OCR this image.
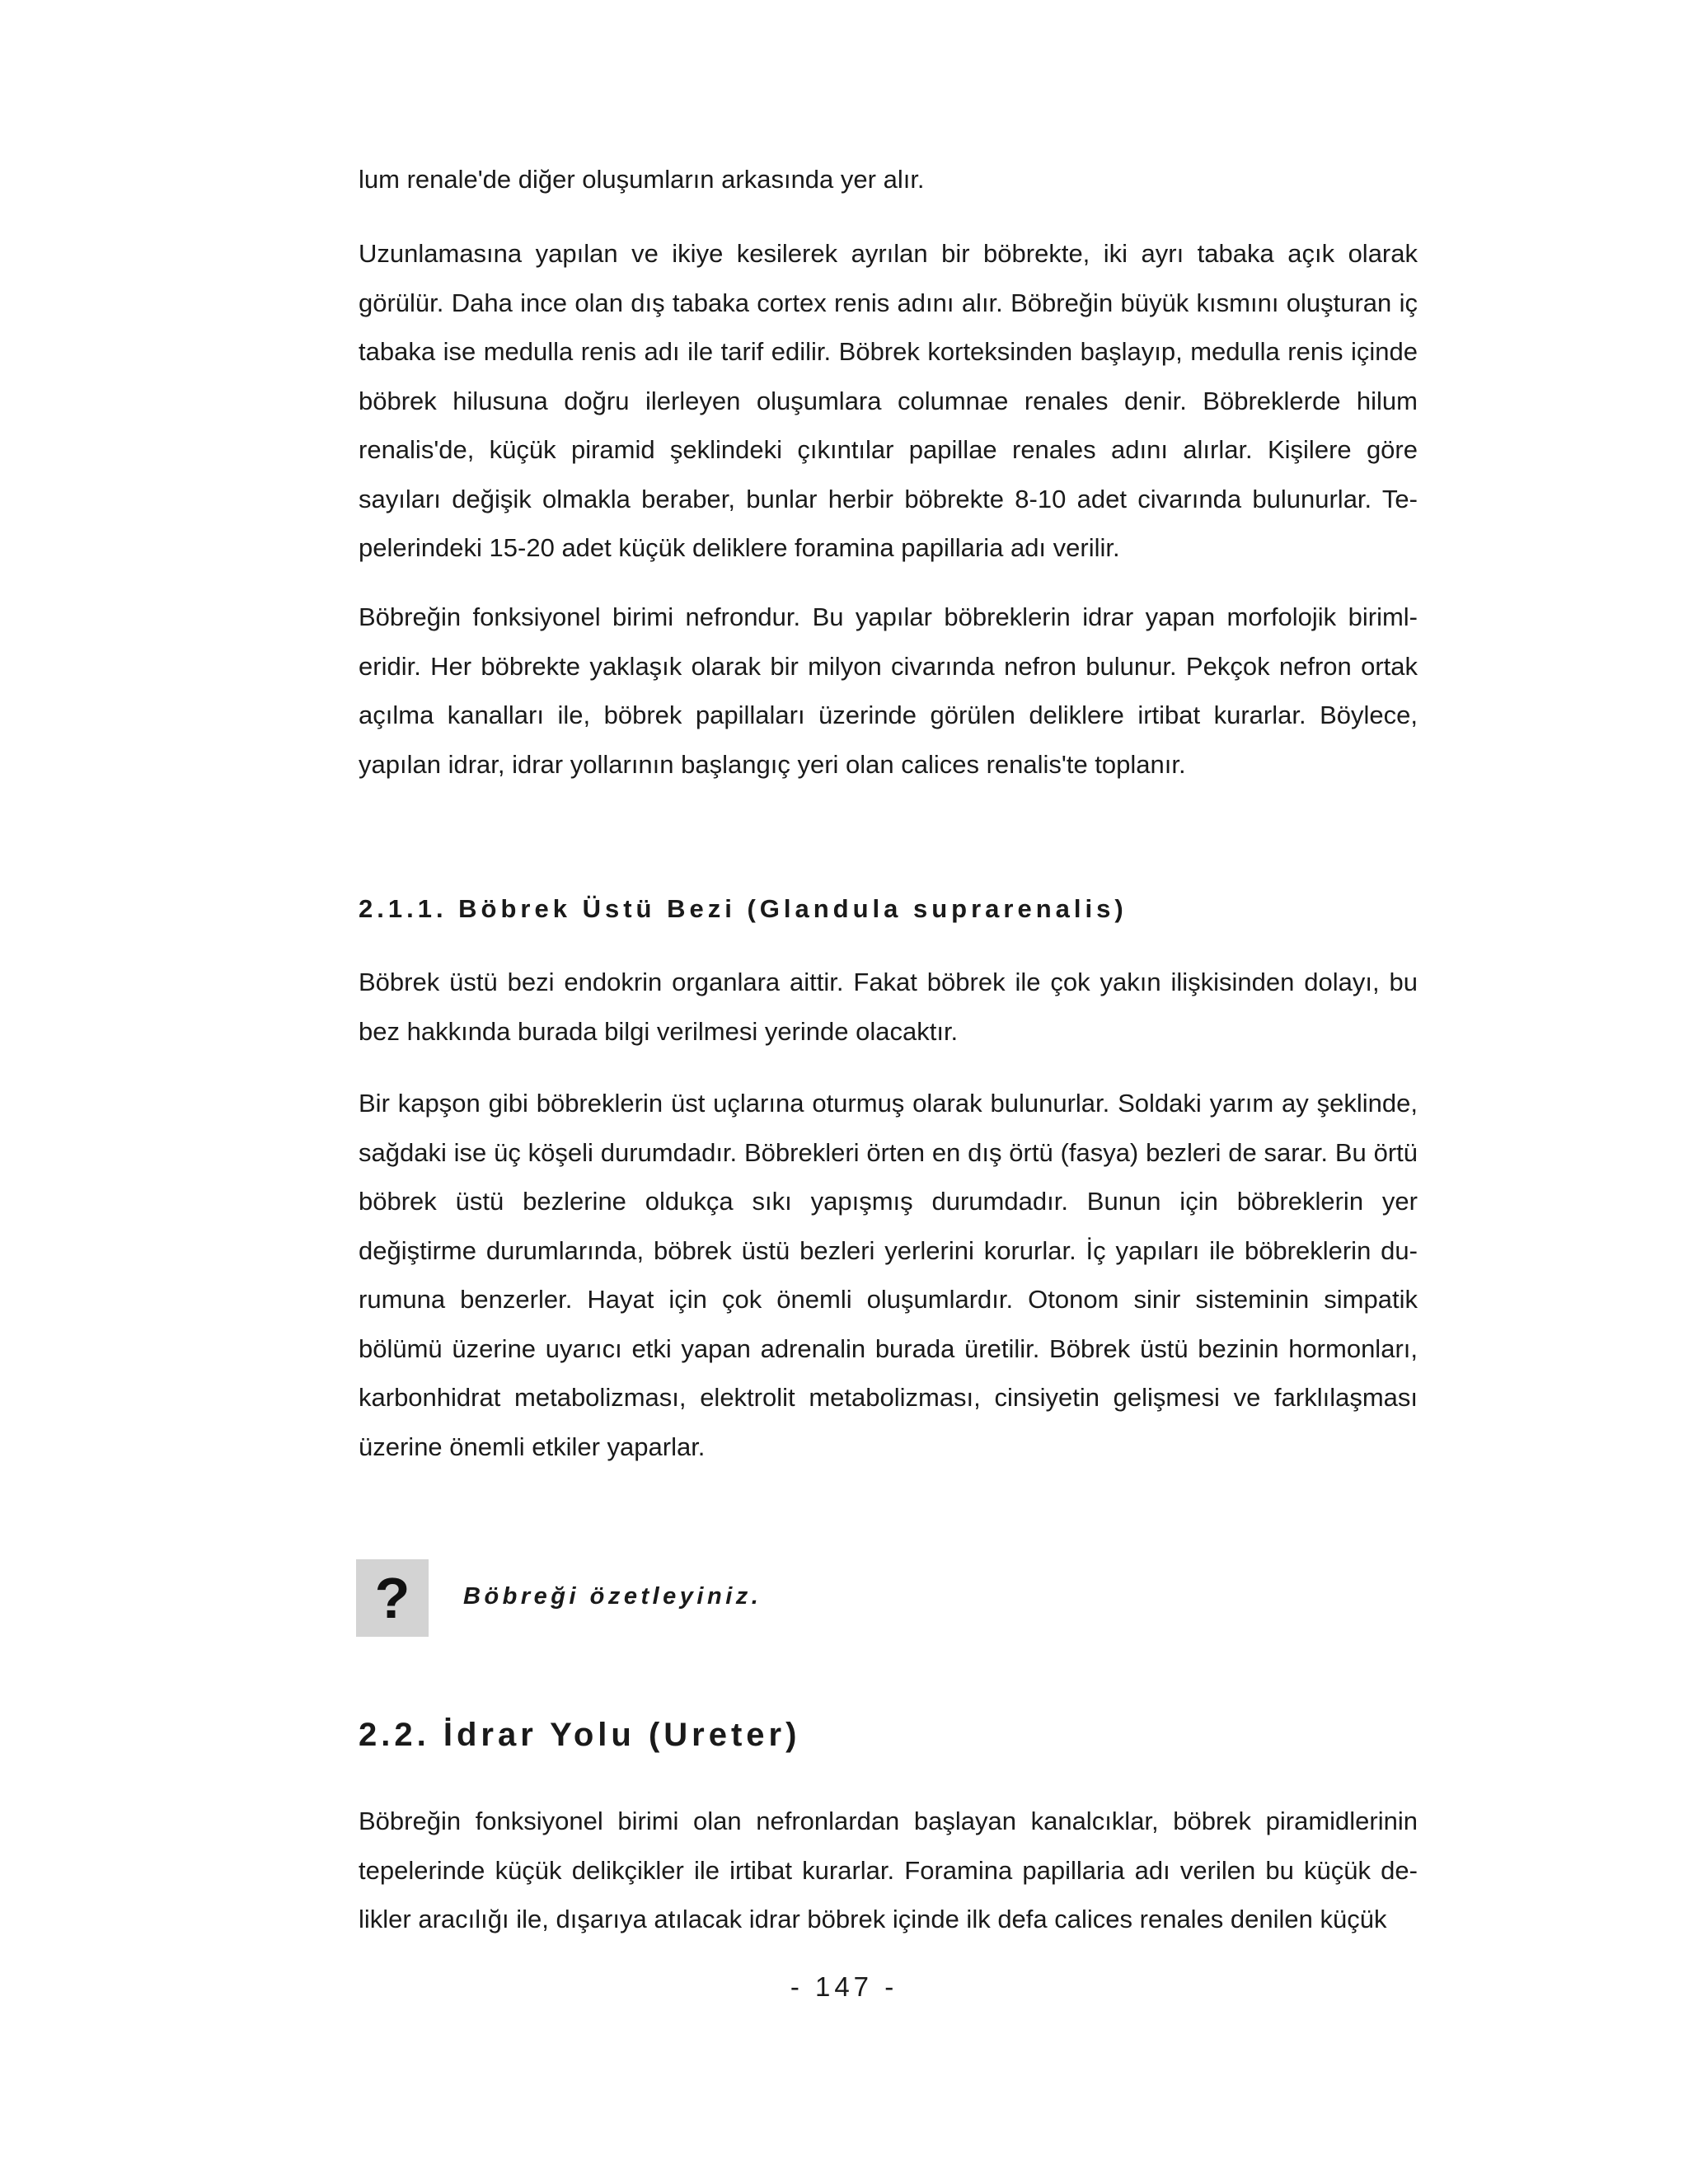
lum renale'de diğer oluşumların arkasında yer alır.

Uzunlamasına yapılan ve ikiye kesilerek ayrılan bir böbrekte, iki ayrı tabaka açık olarak görülür. Daha ince olan dış tabaka cortex renis adını alır. Böbreğin büyük kısmını oluşturan iç tabaka ise medulla renis adı ile tarif edilir. Böbrek korteksinden başlayıp, medulla renis içinde böbrek hilusuna doğru ilerleyen oluşumlara columnae renales denir. Böbreklerde hilum renalis'de, küçük piramid şeklindeki çıkıntılar papillae renales adını alırlar. Kişilere göre sayıları değişik olmakla beraber, bunlar herbir böbrekte 8-10 adet civarında bulunurlar. Tepelerindeki 15-20 adet küçük deliklere foramina papillaria adı verilir.

Böbreğin fonksiyonel birimi nefrondur. Bu yapılar böbreklerin idrar yapan morfolojik birimleridir. Her böbrekte yaklaşık olarak bir milyon civarında nefron bulunur. Pekçok nefron ortak açılma kanalları ile, böbrek papillaları üzerinde görülen deliklere irtibat kurarlar. Böylece, yapılan idrar, idrar yollarının başlangıç yeri olan calices renalis'te toplanır.

2.1.1. Böbrek Üstü Bezi (Glandula suprarenalis)

Böbrek üstü bezi endokrin organlara aittir. Fakat böbrek ile çok yakın ilişkisinden dolayı, bu bez hakkında burada bilgi verilmesi yerinde olacaktır.

Bir kapşon gibi böbreklerin üst uçlarına oturmuş olarak bulunurlar. Soldaki yarım ay şeklinde, sağdaki ise üç köşeli durumdadır. Böbrekleri örten en dış örtü (fasya) bezleri de sarar. Bu örtü böbrek üstü bezlerine oldukça sıkı yapışmış durumdadır. Bunun için böbreklerin yer değiştirme durumlarında, böbrek üstü bezleri yerlerini korurlar. İç yapıları ile böbreklerin durumuna benzerler. Hayat için çok önemli oluşumlardır. Otonom sinir sisteminin simpatik bölümü üzerine uyarıcı etki yapan adrenalin burada üretilir. Böbrek üstü bezinin hormonları, karbonhidrat metabolizması, elektrolit metabolizması, cinsiyetin gelişmesi ve farklılaşması üzerine önemli etkiler yaparlar.

? Böbreği özetleyiniz.

2.2. İdrar Yolu (Ureter)

Böbreğin fonksiyonel birimi olan nefronlardan başlayan kanalcıklar, böbrek piramidlerinin tepelerinde küçük delikçikler ile irtibat kurarlar. Foramina papillaria adı verilen bu küçük delikler aracılığı ile, dışarıya atılacak idrar böbrek içinde ilk defa calices renales denilen küçük

- 147 -
